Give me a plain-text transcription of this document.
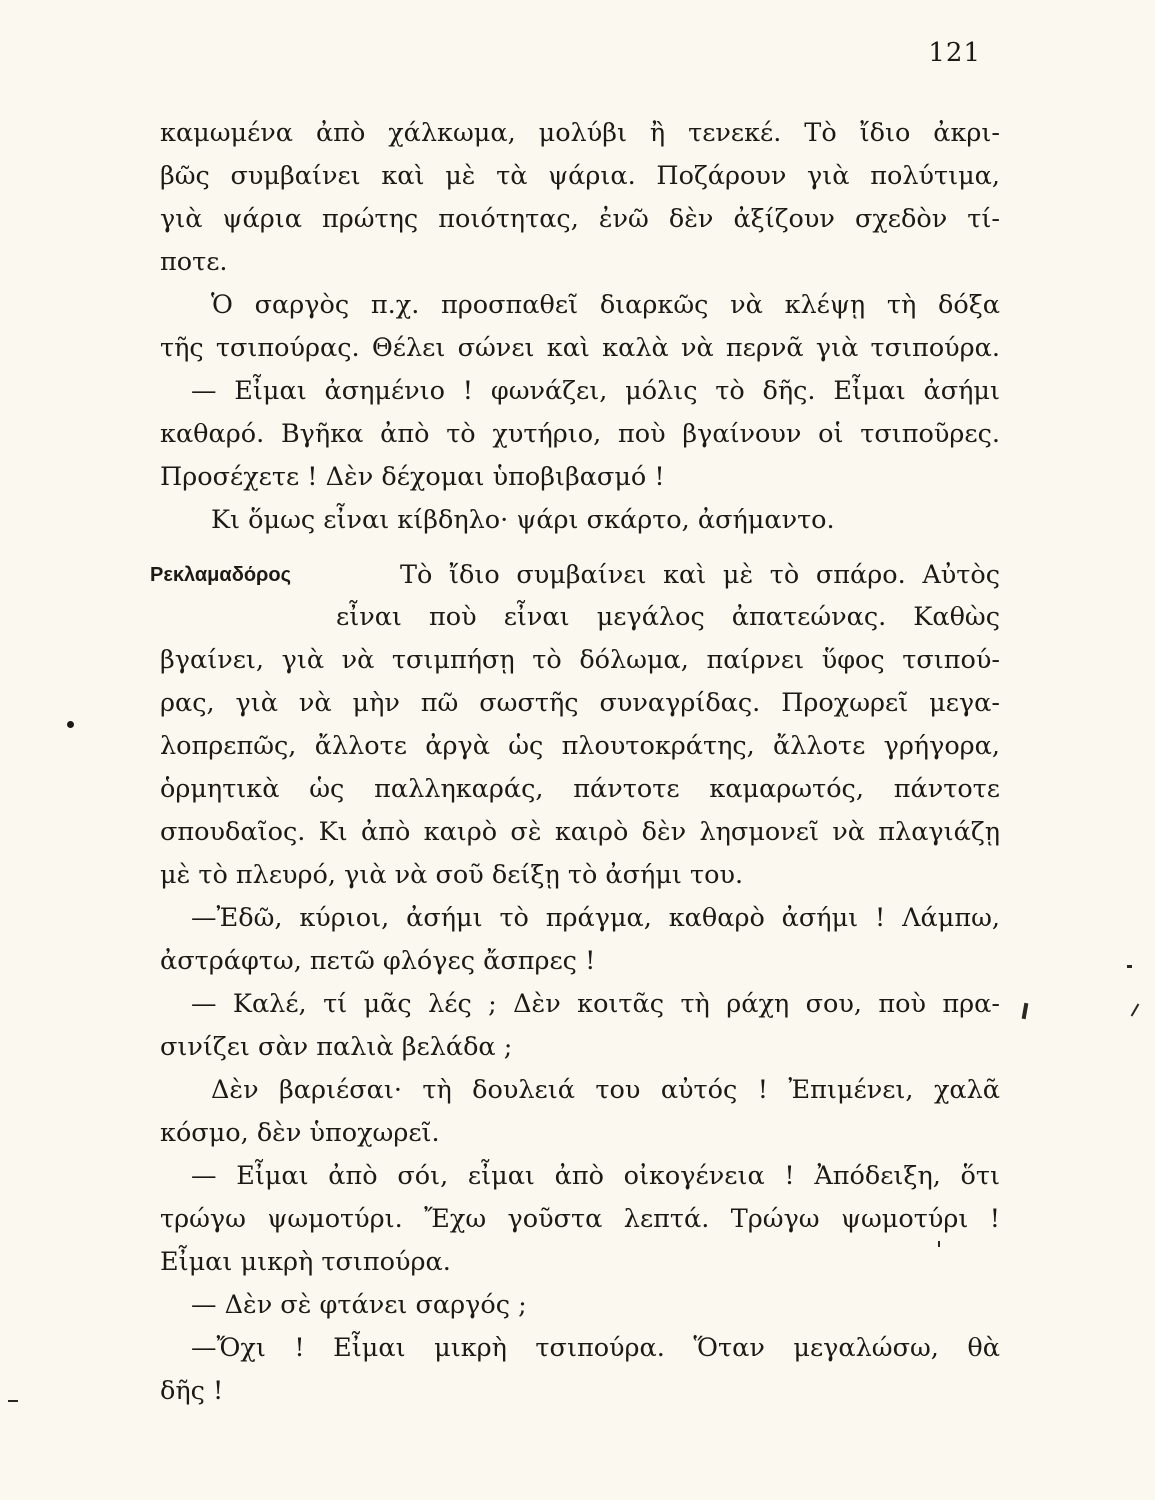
121
καμωμένα ἀπὸ χάλκωμα, μολύβι ἢ τενεκέ. Τὸ ἴδιο ἀκρι-
βῶς συμβαίνει καὶ μὲ τὰ ψάρια. Ποζάρουν γιὰ πολύτιμα,
γιὰ ψάρια πρώτης ποιότητας, ἐνῶ δὲν ἀξίζουν σχεδὸν τί-
ποτε.
Ὁ σαργὸς π.χ. προσπαθεῖ διαρκῶς νὰ κλέψῃ τὴ δόξα
τῆς τσιπούρας. Θέλει σώνει καὶ καλὰ νὰ περνᾶ γιὰ τσιπούρα.
— Εἶμαι ἀσημένιο ! φωνάζει, μόλις τὸ δῆς. Εἶμαι ἀσήμι
καθαρό. Βγῆκα ἀπὸ τὸ χυτήριο, ποὺ βγαίνουν οἱ τσιποῦρες.
Προσέχετε ! Δὲν δέχομαι ὑποβιβασμό !
Κι ὅμως εἶναι κίβδηλο· ψάρι σκάρτο, ἀσήμαντο.
Ρεκλαμαδόρος	Τὸ ἴδιο συμβαίνει καὶ μὲ τὸ σπάρο. Αὐτὸς
εἶναι ποὺ εἶναι μεγάλος ἀπατεώνας. Καθὼς
βγαίνει, γιὰ νὰ τσιμπήσῃ τὸ δόλωμα, παίρνει ὕφος τσιπού-
ρας, γιὰ νὰ μὴν πῶ σωστῆς συναγρίδας. Προχωρεῖ μεγα-
λοπρεπῶς, ἄλλοτε ἀργὰ ὡς πλουτοκράτης, ἄλλοτε γρήγορα,
ὁρμητικὰ ὡς παλληκαράς, πάντοτε καμαρωτός, πάντοτε
σπουδαῖος. Κι ἀπὸ καιρὸ σὲ καιρὸ δὲν λησμονεῖ νὰ πλαγιάζῃ
μὲ τὸ πλευρό, γιὰ νὰ σοῦ δείξῃ τὸ ἀσήμι του.
—Ἐδῶ, κύριοι, ἀσήμι τὸ πράγμα, καθαρὸ ἀσήμι ! Λάμπω,
ἀστράφτω, πετῶ φλόγες ἄσπρες !
— Καλέ, τί μᾶς λές ; Δὲν κοιτᾶς τὴ ράχη σου, ποὺ πρα-
σινίζει σὰν παλιὰ βελάδα ;
Δὲν βαριέσαι· τὴ δουλειά του αὐτός ! Ἐπιμένει, χαλᾶ
κόσμο, δὲν ὑποχωρεῖ.
— Εἶμαι ἀπὸ σόι, εἶμαι ἀπὸ οἰκογένεια ! Ἀπόδειξη, ὅτι
τρώγω ψωμοτύρι. Ἔχω γοῦστα λεπτά. Τρώγω ψωμοτύρι !
Εἶμαι μικρὴ τσιπούρα.
— Δὲν σὲ φτάνει σαργός ;
—Ὄχι ! Εἶμαι μικρὴ τσιπούρα. Ὅταν μεγαλώσω, θὰ
δῆς !
